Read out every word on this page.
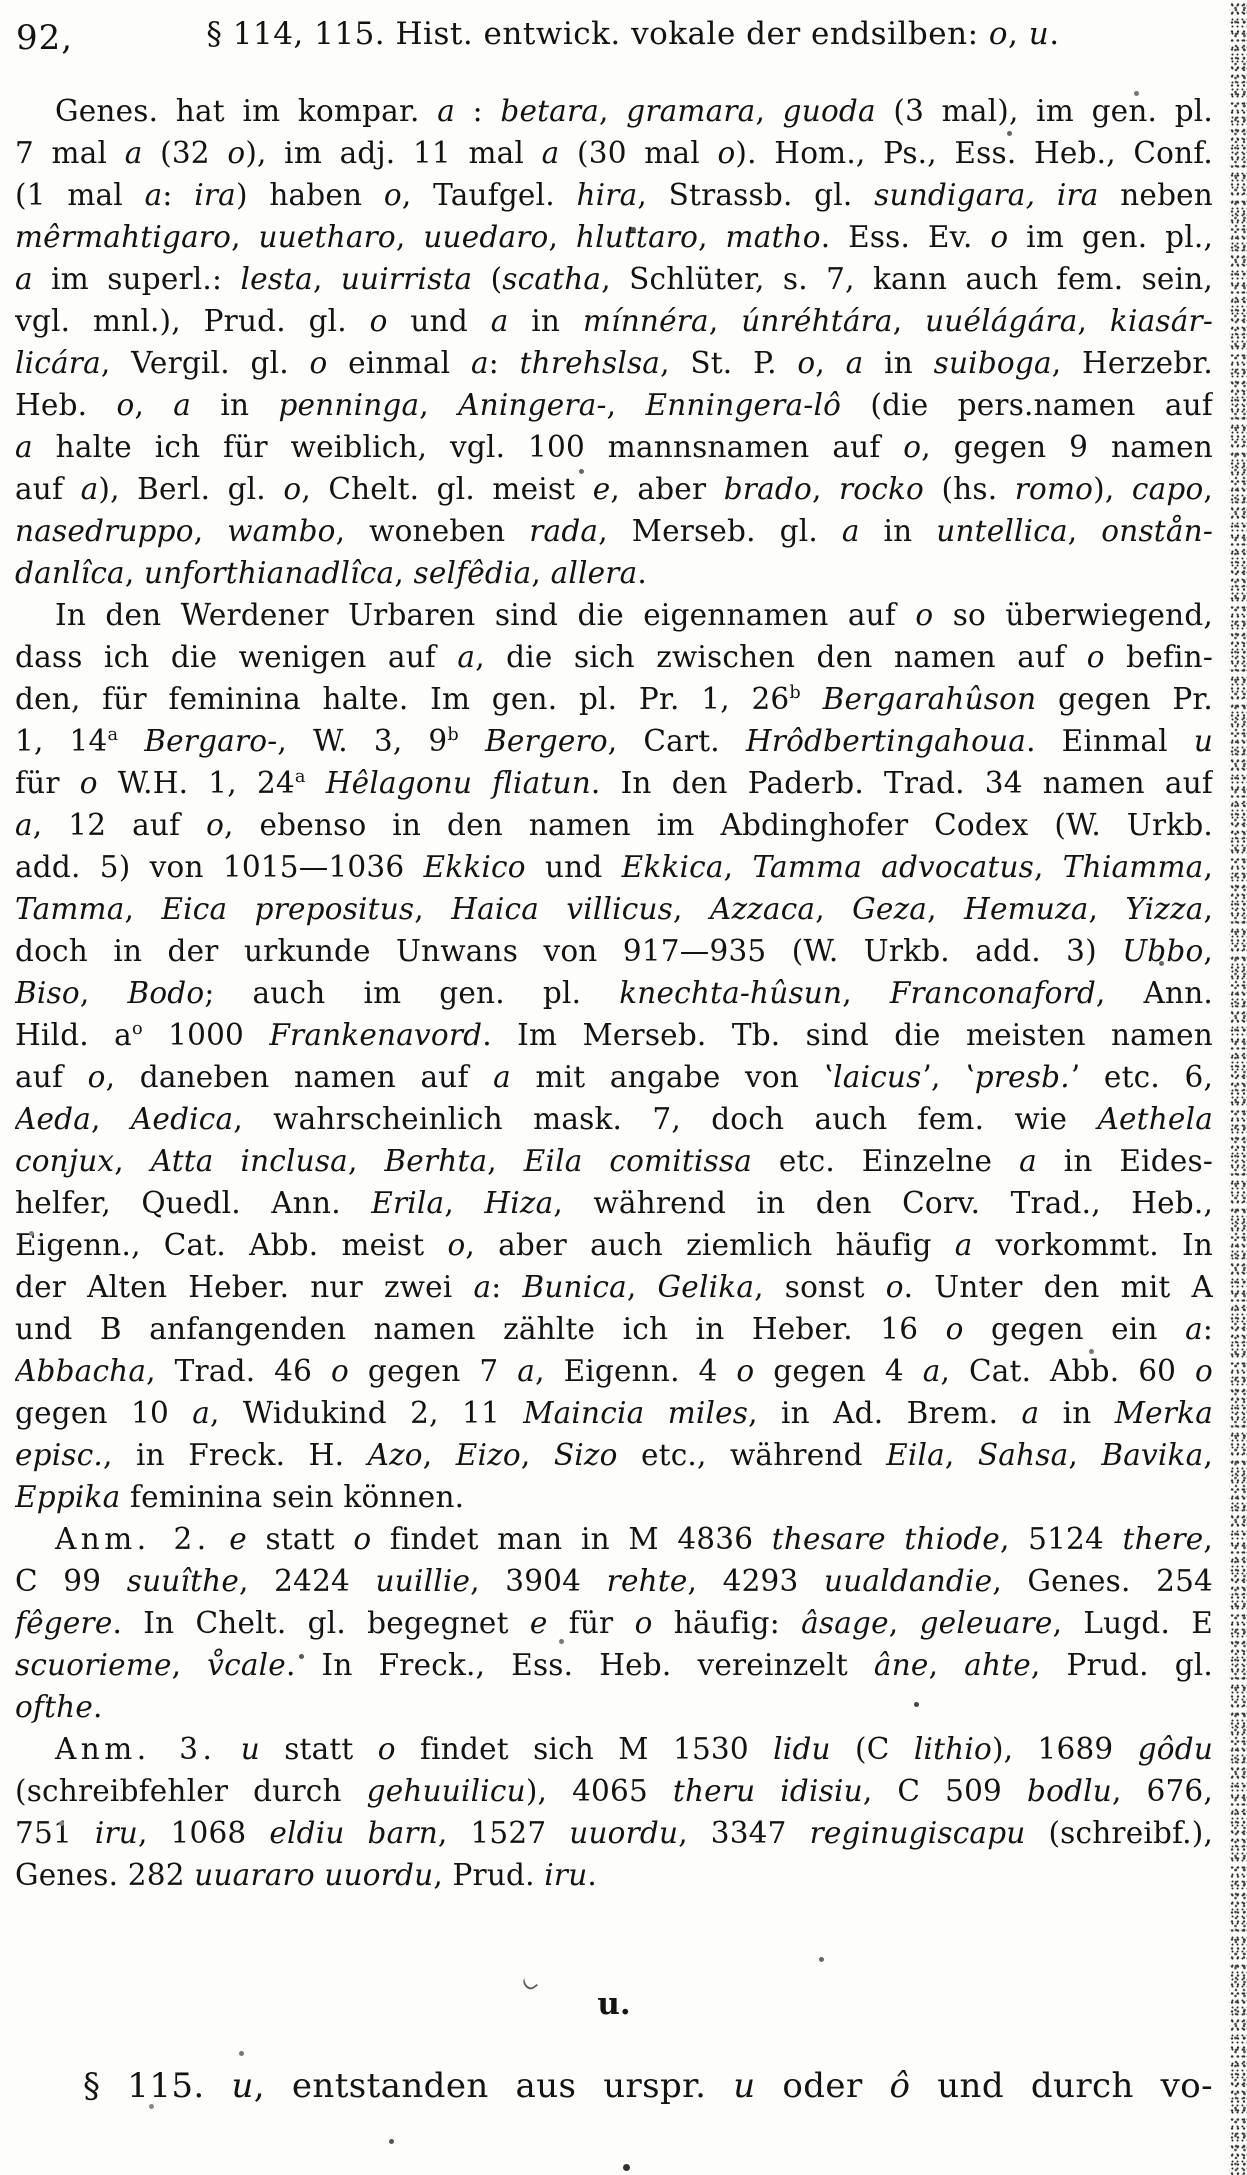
92,	§ 114, 115. Hist. entwick. vokale der endsilben: o, u.
Genes. hat im kompar. a : betara, gramara, guoda (3 mal), im gen. pl.
7 mal a (32 o), im adj. 11 mal a (30 mal o). Hom., Ps., Ess. Heb., Conf.
(1 mal a: ira) haben o, Taufgel. hira, Strassb. gl. sundigara, ira neben
mêrmahtigaro, uuetharo, uuedaro, hluttaro, matho. Ess. Ev. o im gen. pl.,
a im superl.: lesta, uuirrista (scatha, Schlüter, s. 7, kann auch fem. sein,
vgl. mnl.), Prud. gl. o und a in mínnéra, únréhtára, uuélágára, kiasár-
licára, Vergil. gl. o einmal a: threhslsa, St. P. o, a in suiboga, Herzebr.
Heb. o, a in penninga, Aningera-, Enningera-lô (die pers.namen auf
a halte ich für weiblich, vgl. 100 mannsnamen auf o, gegen 9 namen
auf a), Berl. gl. o, Chelt. gl. meist e, aber brado, rocko (hs. romo), capo,
nasedruppo, wambo, woneben rada, Merseb. gl. a in untellica, onstån-
danlîca, unforthianadlîca, selfêdia, allera.
In den Werdener Urbaren sind die eigennamen auf o so überwiegend,
dass ich die wenigen auf a, die sich zwischen den namen auf o befin-
den, für feminina halte. Im gen. pl. Pr. 1, 26$^b$ Bergarahûson gegen Pr.
1, 14$^a$ Bergaro-, W. 3, 9$^b$ Bergero, Cart. Hrôdbertingahoua. Einmal u
für o W.H. 1, 24$^a$ Hêlagonu fliatun. In den Paderb. Trad. 34 namen auf
a, 12 auf o, ebenso in den namen im Abdinghofer Codex (W. Urkb.
add. 5) von 1015—1036 Ekkico und Ekkica, Tamma advocatus, Thiamma,
Tamma, Eica prepositus, Haica villicus, Azzaca, Geza, Hemuza, Yizza,
doch in der urkunde Unwans von 917—935 (W. Urkb. add. 3) Ubbo,
Biso, Bodo; auch im gen. pl. knechta-hûsun, Franconaford, Ann.
Hild. $a^o$ 1000 Frankenavord. Im Merseb. Tb. sind die meisten namen
auf o, daneben namen auf a mit angabe von ʽlaicusʼ, ʽpresb.ʼ etc. 6,
Aeda, Aedica, wahrscheinlich mask. 7, doch auch fem. wie Aethela
conjux, Atta inclusa, Berhta, Eila comitissa etc. Einzelne a in Eides-
helfer, Quedl. Ann. Erila, Hiza, während in den Corv. Trad., Heb.,
Eigenn., Cat. Abb. meist o, aber auch ziemlich häufig a vorkommt. In
der Alten Heber. nur zwei a: Bunica, Gelika, sonst o. Unter den mit A
und B anfangenden namen zählte ich in Heber. 16 o gegen ein a:
Abbacha, Trad. 46 o gegen 7 a, Eigenn. 4 o gegen 4 a, Cat. Abb. 60 o
gegen 10 a, Widukind 2, 11 Maincia miles, in Ad. Brem. a in Merka
episc., in Freck. H. Azo, Eizo, Sizo etc., während Eila, Sahsa, Bavika,
Eppika feminina sein können.
Anm. 2. e statt o findet man in M 4836 thesare thiode, 5124 there,
C 99 suuîthe, 2424 uuillie, 3904 rehte, 4293 uualdandie, Genes. 254
fêgere. In Chelt. gl. begegnet e für o häufig: âsage, geleuare, Lugd. E
scuorieme, v̊cale. In Freck., Ess. Heb. vereinzelt âne, ahte, Prud. gl.
ofthe.
Anm. 3. u statt o findet sich M 1530 lidu (C lithio), 1689 gôdu
(schreibfehler durch gehuuilicu), 4065 theru idisiu, C 509 bodlu, 676,
751 iru, 1068 eldiu barn, 1527 uuordu, 3347 reginugiscapu (schreibf.),
Genes. 282 uuararo uuordu, Prud. iru.
u.
§ 115. u, entstanden aus urspr. u oder ô und durch vo-
